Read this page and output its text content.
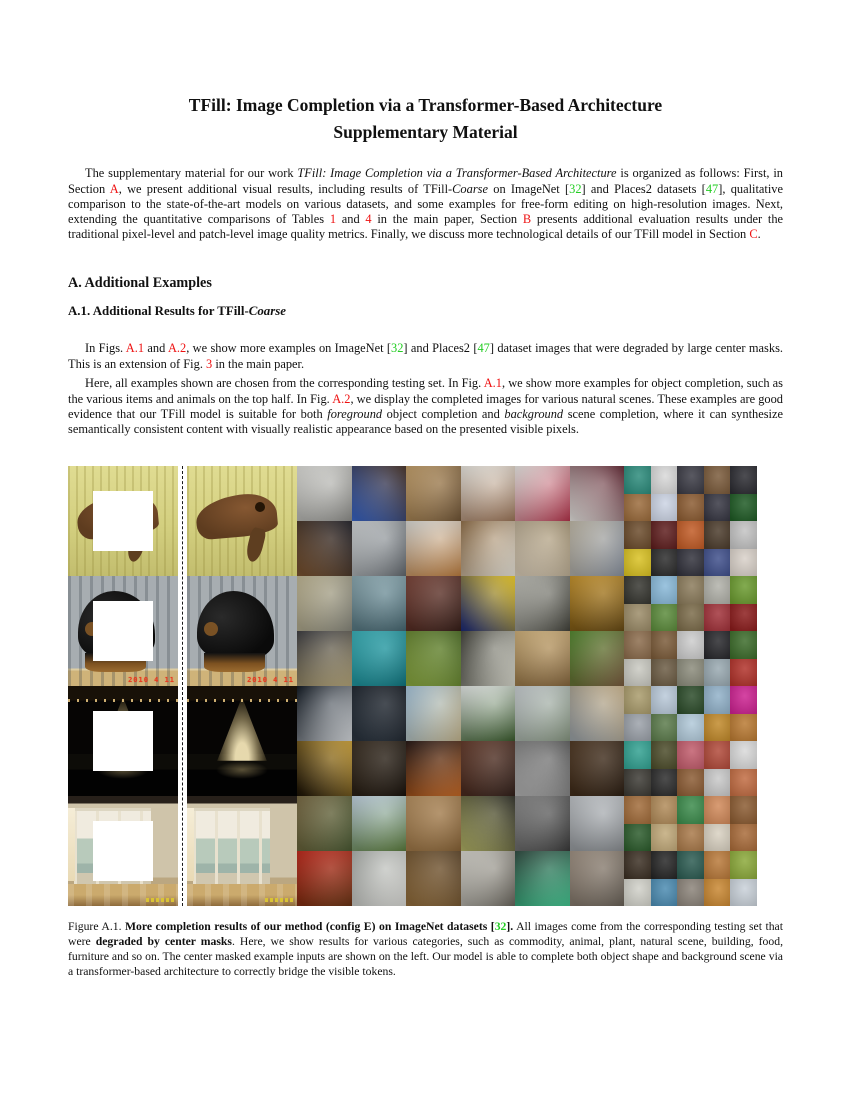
TFill: Image Completion via a Transformer-Based Architecture
Supplementary Material

The supplementary material for our work TFill: Image Completion via a Transformer-Based Architecture is organized as follows: First, in Section A, we present additional visual results, including results of TFill-Coarse on ImageNet [32] and Places2 datasets [47], qualitative comparison to the state-of-the-art models on various datasets, and some examples for free-form editing on high-resolution images. Next, extending the quantitative comparisons of Tables 1 and 4 in the main paper, Section B presents additional evaluation results under the traditional pixel-level and patch-level image quality metrics. Finally, we discuss more technological details of our TFill model in Section C.

A. Additional Examples
A.1. Additional Results for TFill-Coarse

In Figs. A.1 and A.2, we show more examples on ImageNet [32] and Places2 [47] dataset images that were degraded by large center masks. This is an extension of Fig. 3 in the main paper.

Here, all examples shown are chosen from the corresponding testing set. In Fig. A.1, we show more examples for object completion, such as the various items and animals on the top half. In Fig. A.2, we display the completed images for various natural scenes. These examples are good evidence that our TFill model is suitable for both foreground object completion and background scene completion, where it can synthesize semantically consistent content with visually realistic appearance based on the presented visible pixels.

2010 4 11	2010 4 11

Figure A.1. More completion results of our method (config E) on ImageNet datasets [32]. All images come from the corresponding testing set that were degraded by center masks. Here, we show results for various categories, such as commodity, animal, plant, natural scene, building, food, furniture and so on. The center masked example inputs are shown on the left. Our model is able to complete both object shape and background scene via a transformer-based architecture to correctly bridge the visible tokens.
